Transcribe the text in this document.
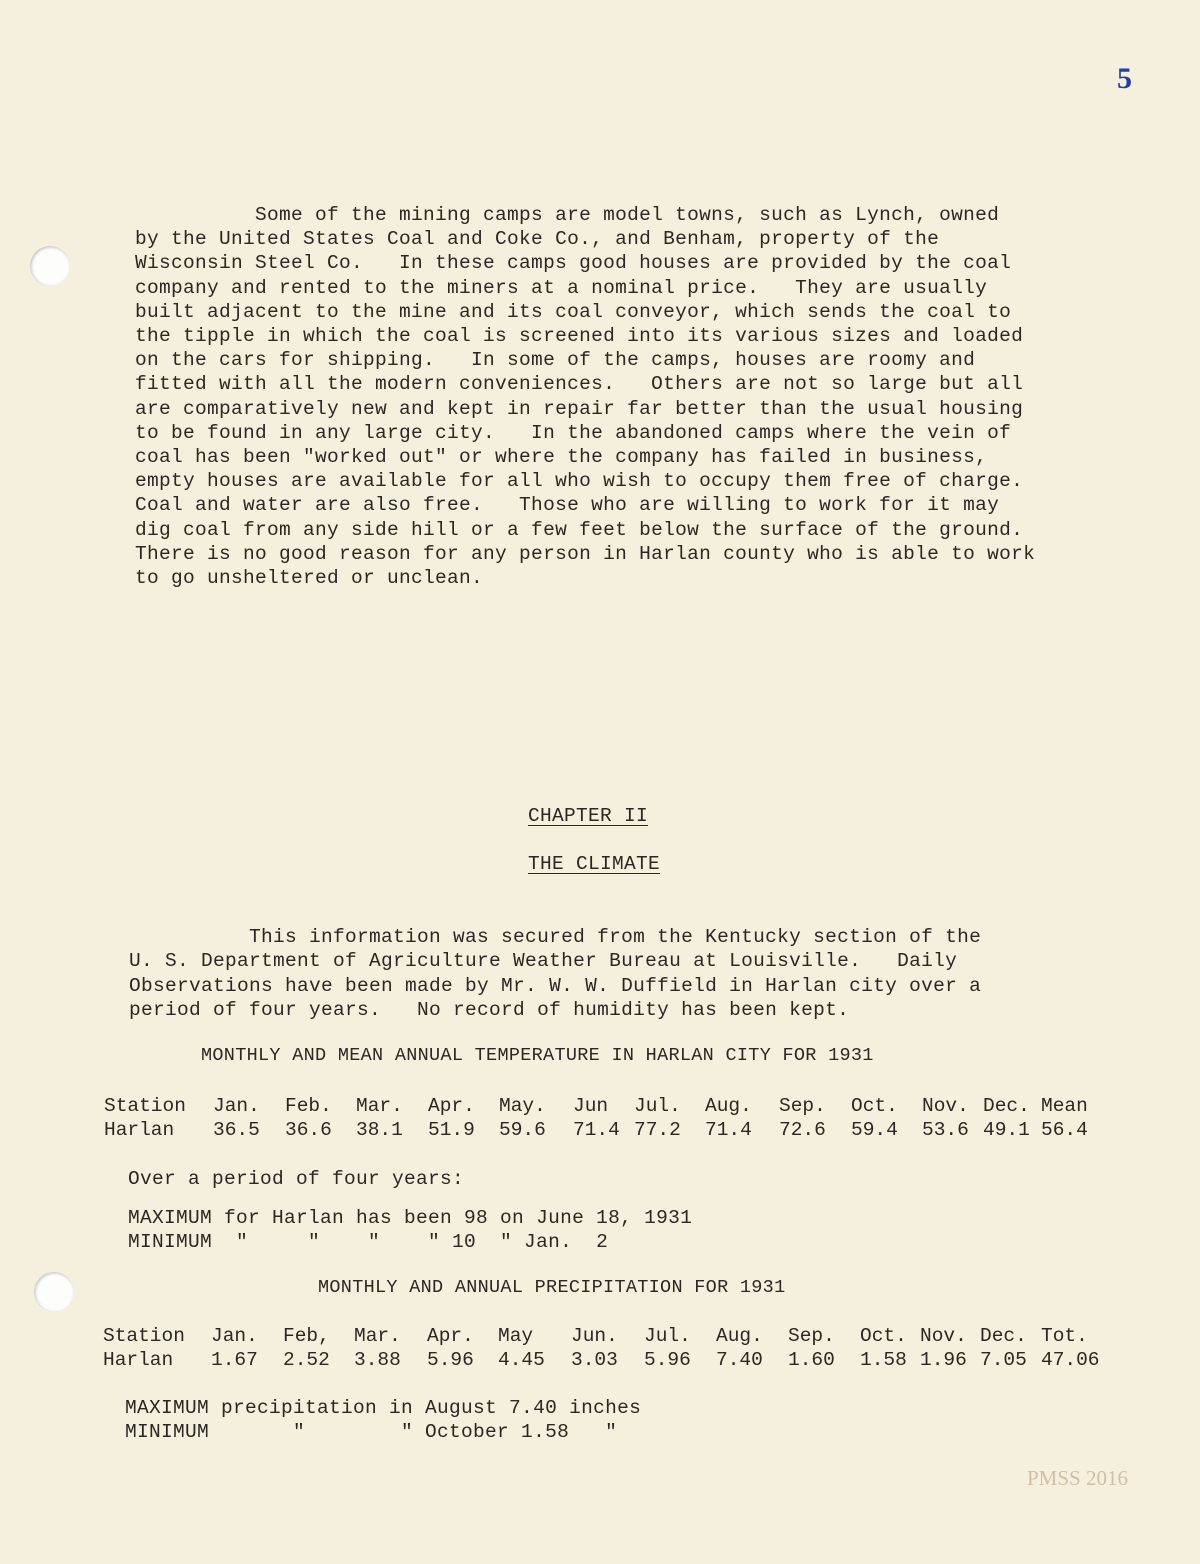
5
Some of the mining camps are model towns, such as Lynch, owned
by the United States Coal and Coke Co., and Benham, property of the
Wisconsin Steel Co.   In these camps good houses are provided by the coal
company and rented to the miners at a nominal price.   They are usually
built adjacent to the mine and its coal conveyor, which sends the coal to
the tipple in which the coal is screened into its various sizes and loaded
on the cars for shipping.   In some of the camps, houses are roomy and
fitted with all the modern conveniences.   Others are not so large but all
are comparatively new and kept in repair far better than the usual housing
to be found in any large city.   In the abandoned camps where the vein of
coal has been "worked out" or where the company has failed in business,
empty houses are available for all who wish to occupy them free of charge.
Coal and water are also free.   Those who are willing to work for it may
dig coal from any side hill or a few feet below the surface of the ground.
There is no good reason for any person in Harlan county who is able to work
to go unsheltered or unclean.
CHAPTER II
THE CLIMATE
This information was secured from the Kentucky section of the
U. S. Department of Agriculture Weather Bureau at Louisville.   Daily
Observations have been made by Mr. W. W. Duffield in Harlan city over a
period of four years.   No record of humidity has been kept.
MONTHLY AND MEAN ANNUAL TEMPERATURE IN HARLAN CITY FOR 1931
Station Jan. Feb. Mar. Apr. May. Jun Jul. Aug. Sep. Oct. Nov. Dec. Mean
Harlan 36.5 36.6 38.1 51.9 59.6 71.4 77.2 71.4 72.6 59.4 53.6 49.1 56.4
Over a period of four years:
MAXIMUM for Harlan has been 98 on June 18, 1931
MINIMUM  "     "    "    " 10  " Jan.  2
MONTHLY AND ANNUAL PRECIPITATION FOR 1931
Station Jan. Feb, Mar. Apr. May Jun. Jul. Aug. Sep. Oct. Nov. Dec. Tot.
Harlan 1.67 2.52 3.88 5.96 4.45 3.03 5.96 7.40 1.60 1.58 1.96 7.05 47.06
MAXIMUM precipitation in August 7.40 inches
MINIMUM       "        " October 1.58   "
PMSS 2016
